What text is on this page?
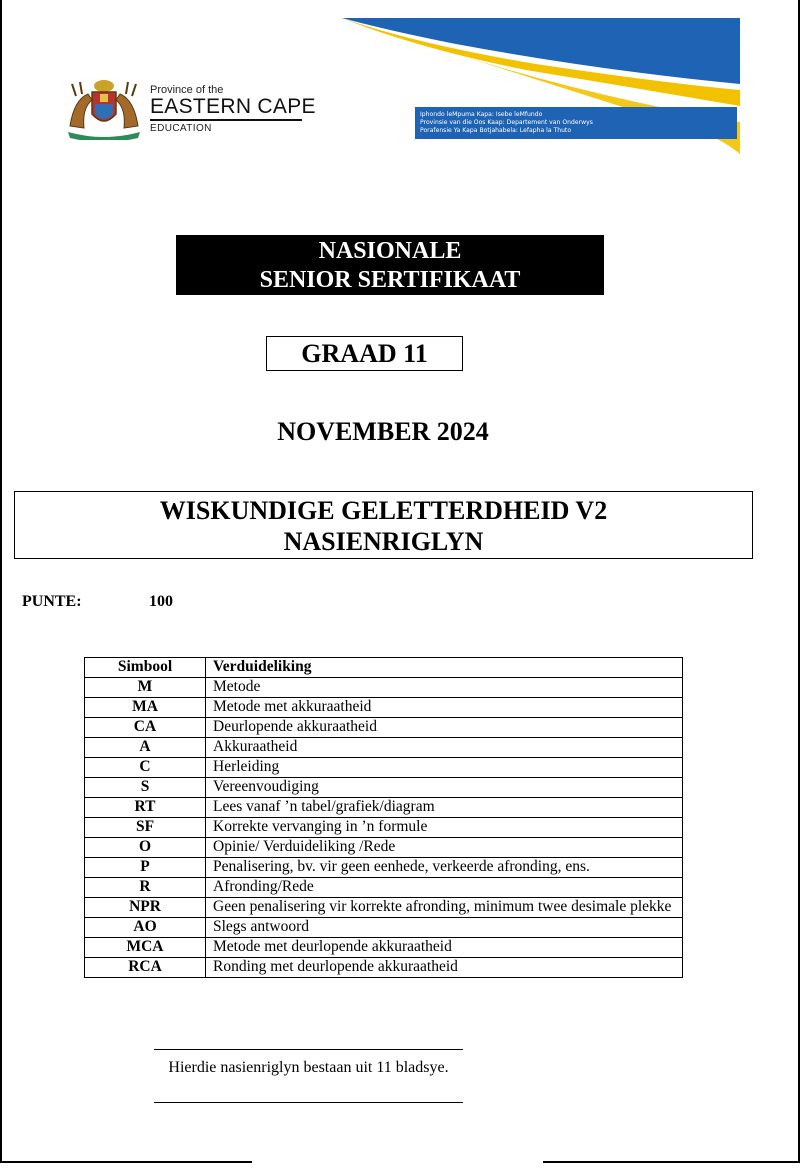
Province of the
EASTERN CAPE
EDUCATION
Iphondo leMpuma Kapa: Isebe leMfundo
Provinsie van die Oos Kaap: Departement van Onderwys
Porafensie Ya Kapa Botjahabela: Lefapha la Thuto
NASIONALE
SENIOR SERTIFIKAAT
GRAAD 11
NOVEMBER 2024
WISKUNDIGE GELETTERDHEID V2
NASIENRIGLYN
PUNTE:	100
Simbool	Verduideliking
M	Metode
MA	Metode met akkuraatheid
CA	Deurlopende akkuraatheid
A	Akkuraatheid
C	Herleiding
S	Vereenvoudiging
RT	Lees vanaf ’n tabel/grafiek/diagram
SF	Korrekte vervanging in ’n formule
O	Opinie/ Verduideliking /Rede
P	Penalisering, bv. vir geen eenhede, verkeerde afronding, ens.
R	Afronding/Rede
NPR	Geen penalisering vir korrekte afronding, minimum twee desimale plekke
AO	Slegs antwoord
MCA	Metode met deurlopende akkuraatheid
RCA	Ronding met deurlopende akkuraatheid
Hierdie nasienriglyn bestaan uit 11 bladsye.
